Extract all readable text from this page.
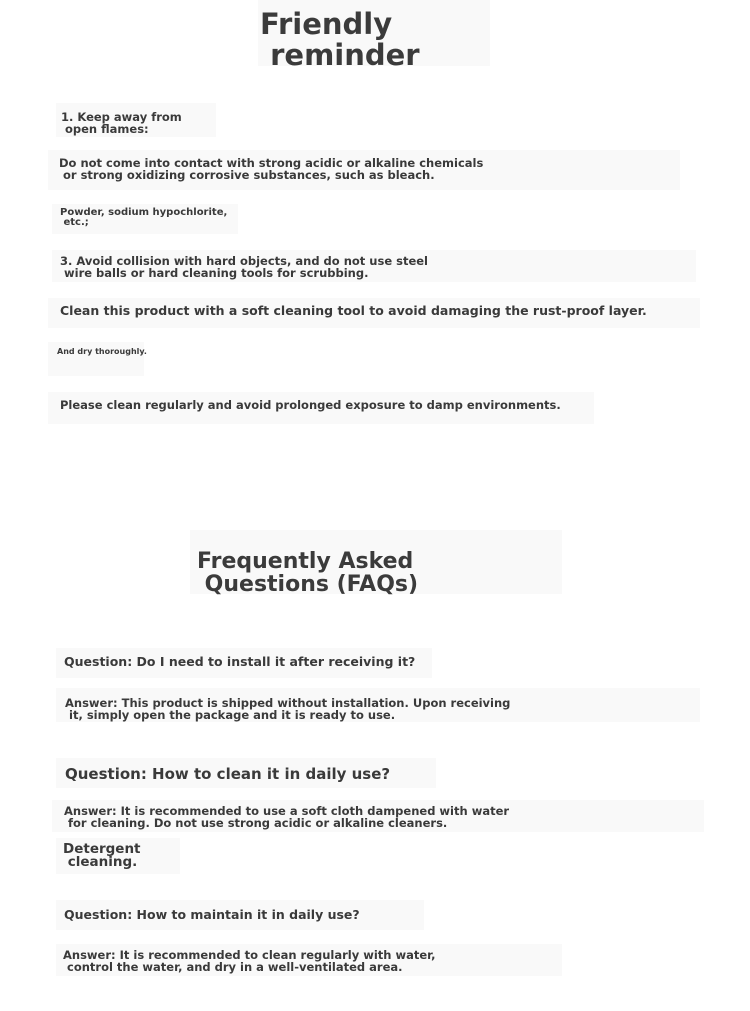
Friendly
reminder

1. Keep away from
open flames:

Do not come into contact with strong acidic or alkaline chemicals
or strong oxidizing corrosive substances, such as bleach.

Powder, sodium hypochlorite,
etc.;

3. Avoid collision with hard objects, and do not use steel
wire balls or hard cleaning tools for scrubbing.

Clean this product with a soft cleaning tool to avoid damaging the rust-proof layer.

And dry thoroughly.

Please clean regularly and avoid prolonged exposure to damp environments.

Frequently Asked
Questions (FAQs)

Question: Do I need to install it after receiving it?

Answer: This product is shipped without installation. Upon receiving
it, simply open the package and it is ready to use.

Question: How to clean it in daily use?

Answer: It is recommended to use a soft cloth dampened with water
for cleaning. Do not use strong acidic or alkaline cleaners.

Detergent
cleaning.

Question: How to maintain it in daily use?

Answer: It is recommended to clean regularly with water,
control the water, and dry in a well-ventilated area.
